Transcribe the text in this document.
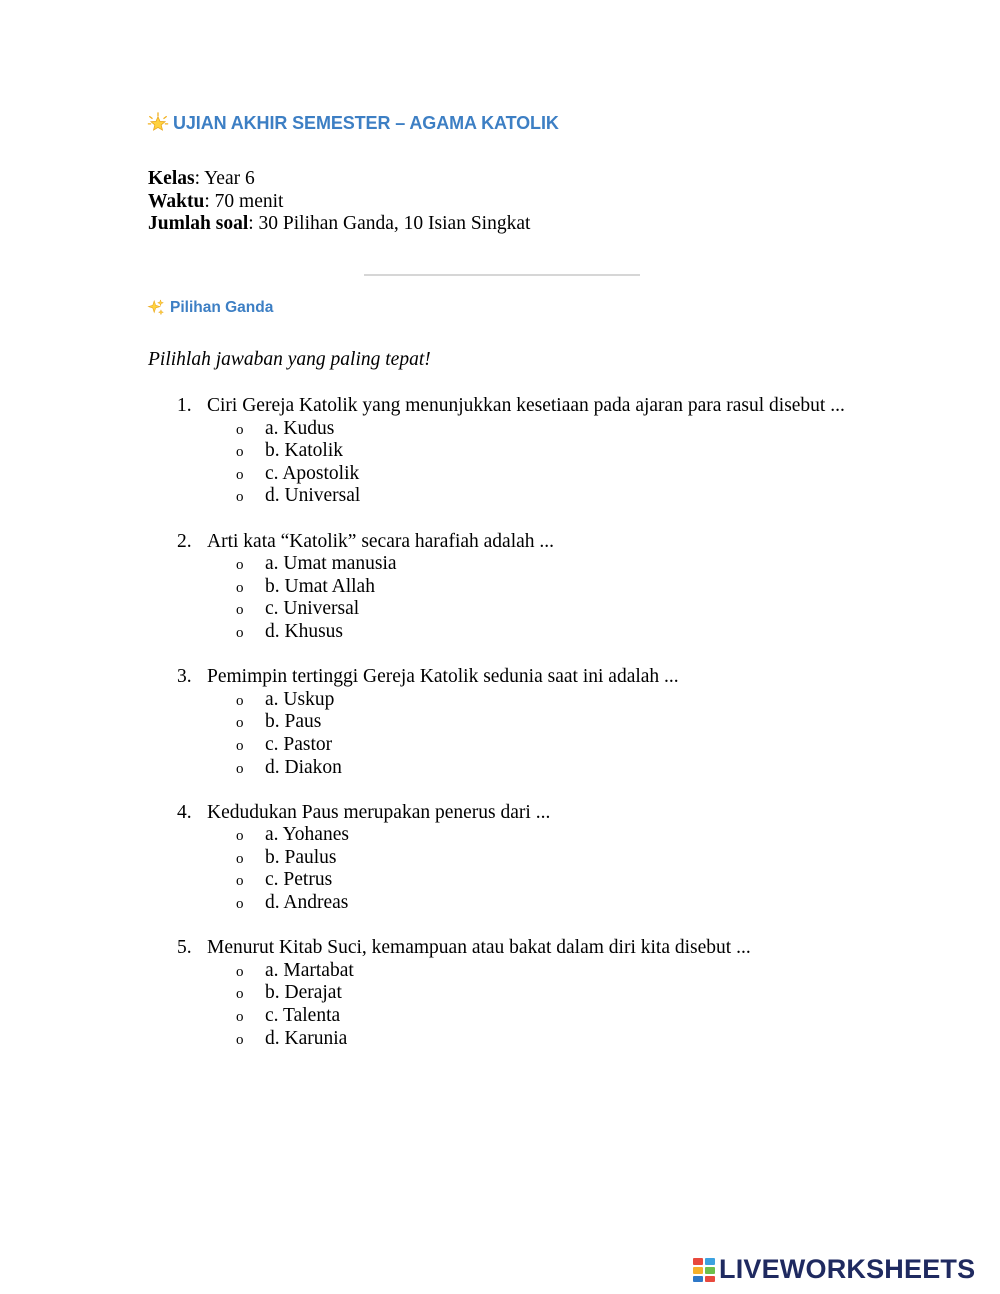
UJIAN AKHIR SEMESTER – AGAMA KATOLIK
Kelas: Year 6
Waktu: 70 menit
Jumlah soal: 30 Pilihan Ganda, 10 Isian Singkat
Pilihan Ganda
Pilihlah jawaban yang paling tepat!
1. Ciri Gereja Katolik yang menunjukkan kesetiaan pada ajaran para rasul disebut ...
o a. Kudus
o b. Katolik
o c. Apostolik
o d. Universal
2. Arti kata “Katolik” secara harafiah adalah ...
o a. Umat manusia
o b. Umat Allah
o c. Universal
o d. Khusus
3. Pemimpin tertinggi Gereja Katolik sedunia saat ini adalah ...
o a. Uskup
o b. Paus
o c. Pastor
o d. Diakon
4. Kedudukan Paus merupakan penerus dari ...
o a. Yohanes
o b. Paulus
o c. Petrus
o d. Andreas
5. Menurut Kitab Suci, kemampuan atau bakat dalam diri kita disebut ...
o a. Martabat
o b. Derajat
o c. Talenta
o d. Karunia
LIVEWORKSHEETS
